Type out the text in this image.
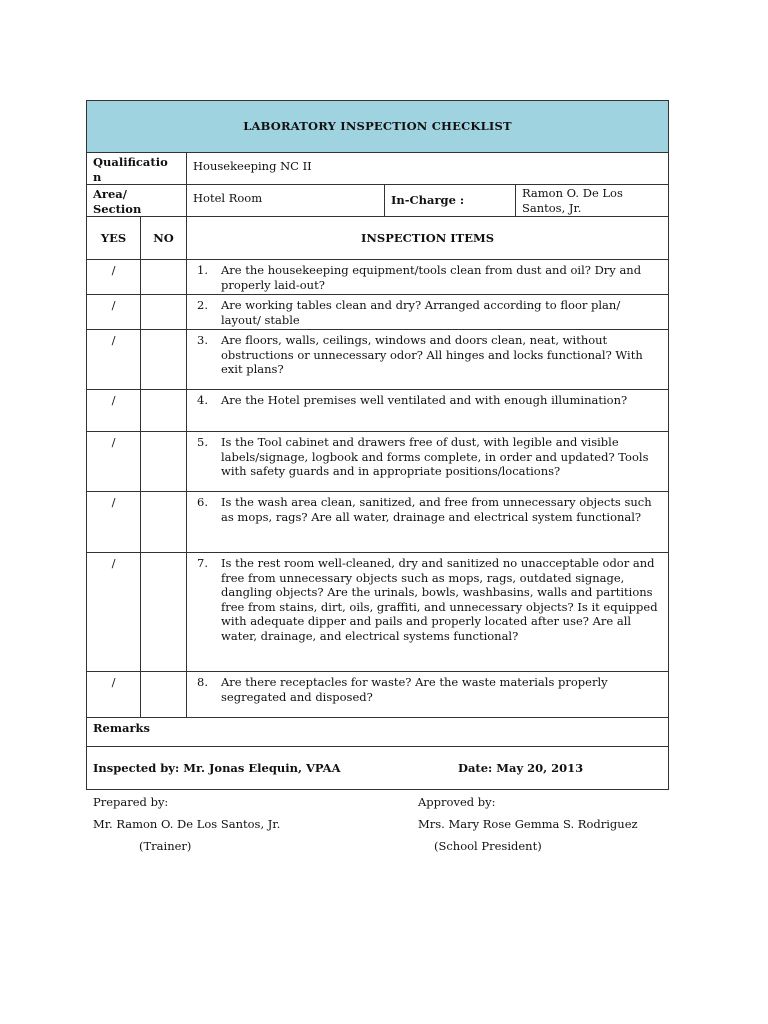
LABORATORY INSPECTION CHECKLIST				

Qualificatio
n		Housekeeping NC II		

Area/
Section		Hotel Room	In-Charge :	Ramon O. De Los Santos, Jr.
YES	NO	INSPECTION ITEMS		
/		1. Are the housekeeping equipment/tools clean from dust and oil? Dry and properly laid-out?		

/		2. Are working tables clean and dry? Arranged according to floor plan/ layout/ stable		

/		3. Are floors, walls, ceilings, windows and doors clean, neat, without obstructions or unnecessary odor? All hinges and locks functional? With exit plans?		

/		4. Are the Hotel premises well ventilated and with enough illumination?		

/		5. Is the Tool cabinet and drawers free of dust, with legible and visible labels/signage, logbook and forms complete, in order and updated? Tools with safety guards and in appropriate positions/locations?		

/		6. Is the wash area clean, sanitized, and free from unnecessary objects such as mops, rags? Are all water, drainage and electrical system functional?		

/		7. Is the rest room well-cleaned, dry and sanitized no unacceptable odor and free from unnecessary objects such as mops, rags, outdated signage, dangling objects? Are the urinals, bowls, washbasins, walls and partitions free from stains, dirt, oils, graffiti, and unnecessary objects? Is it equipped with adequate dipper and pails and properly located after use? Are all water, drainage, and electrical systems functional?		

/		8. Are there receptacles for waste? Are the waste materials properly segregated and disposed?		

Remarks				

Inspected by: Mr. Jonas Elequin, VPAA Date: May 20, 2013				
Prepared by:
Mr. Ramon O. De Los Santos, Jr.
(Trainer)
Approved by:
Mrs. Mary Rose Gemma S. Rodriguez
(School President)
